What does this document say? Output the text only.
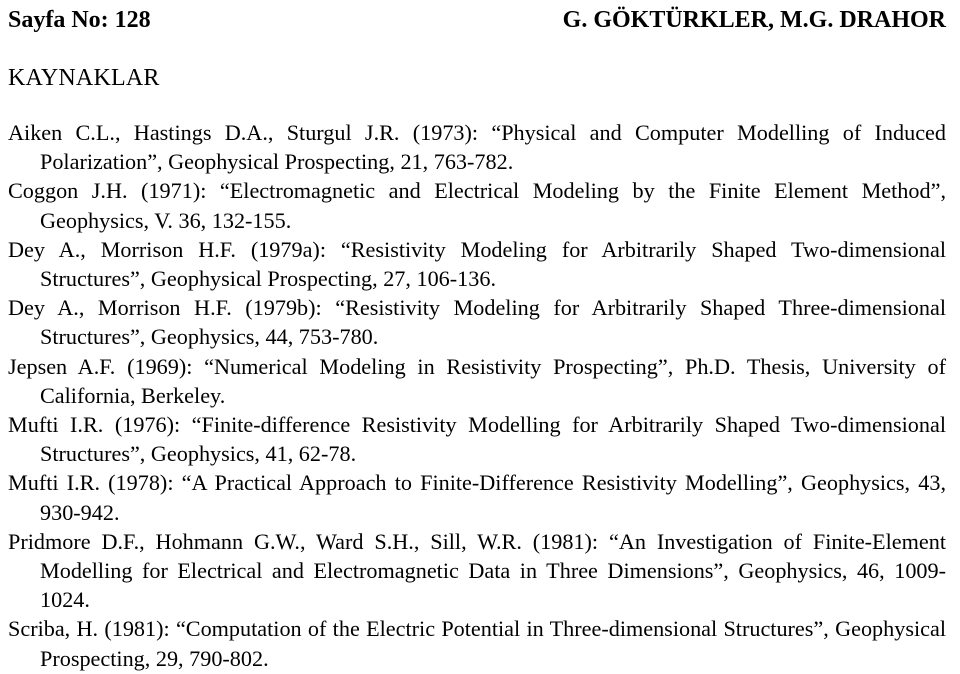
Sayfa No: 128	G. GÖKTÜRKLER, M.G. DRAHOR
KAYNAKLAR
Aiken C.L., Hastings D.A., Sturgul J.R. (1973): “Physical and Computer Modelling of Induced Polarization”, Geophysical Prospecting, 21, 763-782.
Coggon J.H. (1971): “Electromagnetic and Electrical Modeling by the Finite Element Method”, Geophysics, V. 36, 132-155.
Dey A., Morrison H.F. (1979a): “Resistivity Modeling for Arbitrarily Shaped Two-dimensional Structures”, Geophysical Prospecting, 27, 106-136.
Dey A., Morrison H.F. (1979b): “Resistivity Modeling for Arbitrarily Shaped Three-dimensional Structures”, Geophysics, 44, 753-780.
Jepsen A.F. (1969): “Numerical Modeling in Resistivity Prospecting”, Ph.D. Thesis, University of California, Berkeley.
Mufti I.R. (1976): “Finite-difference Resistivity Modelling for Arbitrarily Shaped Two-dimensional Structures”, Geophysics, 41, 62-78.
Mufti I.R. (1978): “A Practical Approach to Finite-Difference Resistivity Modelling”, Geophysics, 43, 930-942.
Pridmore D.F., Hohmann G.W., Ward S.H., Sill, W.R. (1981): “An Investigation of Finite-Element Modelling for Electrical and Electromagnetic Data in Three Dimensions”, Geophysics, 46, 1009-1024.
Scriba, H. (1981): “Computation of the Electric Potential in Three-dimensional Structures”, Geophysical Prospecting, 29, 790-802.
